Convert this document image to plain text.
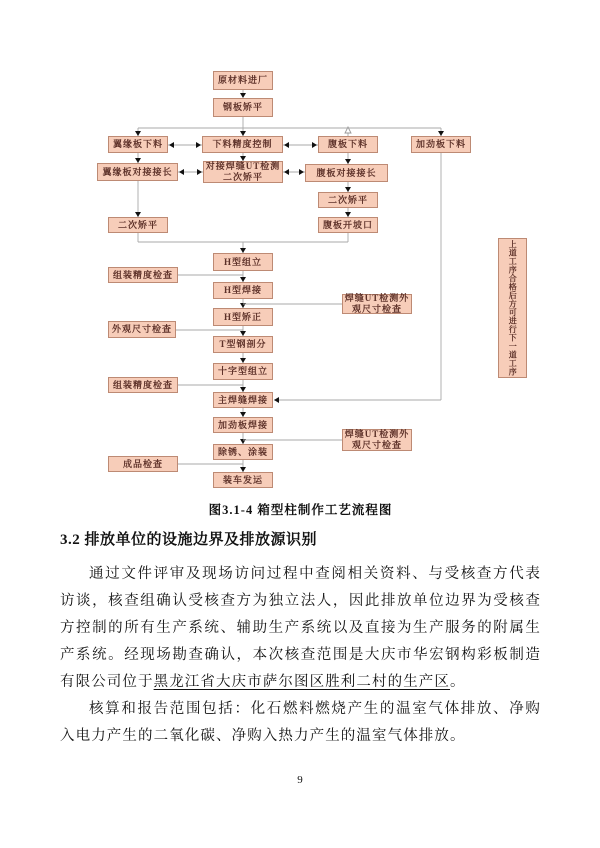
原材料进厂
钢板矫平
翼缘板下料	下料精度控制	腹板下料	加劲板下料
翼缘板对接接长
对接焊缝UT检测二次矫平	腹板对接接长
二次矫平
腹板开坡口
二次矫平
H型组立
组装精度检查
H型焊接
焊缝UT检测外观尺寸检查
H型矫正
外观尺寸检查
T型钢剖分
十字型组立
组装精度检查
主焊缝焊接
加劲板焊接
焊缝UT检测外观尺寸检查
除锈、涂装
成品检查
装车发运
上道工序合格后方可进行下一道工序
图3.1-4 箱型柱制作工艺流程图
3.2 排放单位的设施边界及排放源识别

通过文件评审及现场访问过程中查阅相关资料、与受核查方代表访谈，核查组确认受核查方为独立法人，因此排放单位边界为受核查方控制的所有生产系统、辅助生产系统以及直接为生产服务的附属生产系统。经现场勘查确认，本次核查范围是大庆市华宏钢构彩板制造有限公司位于黑龙江省大庆市萨尔图区胜利二村的生产区。

核算和报告范围包括：化石燃料燃烧产生的温室气体排放、净购入电力产生的二氧化碳、净购入热力产生的温室气体排放。

9
